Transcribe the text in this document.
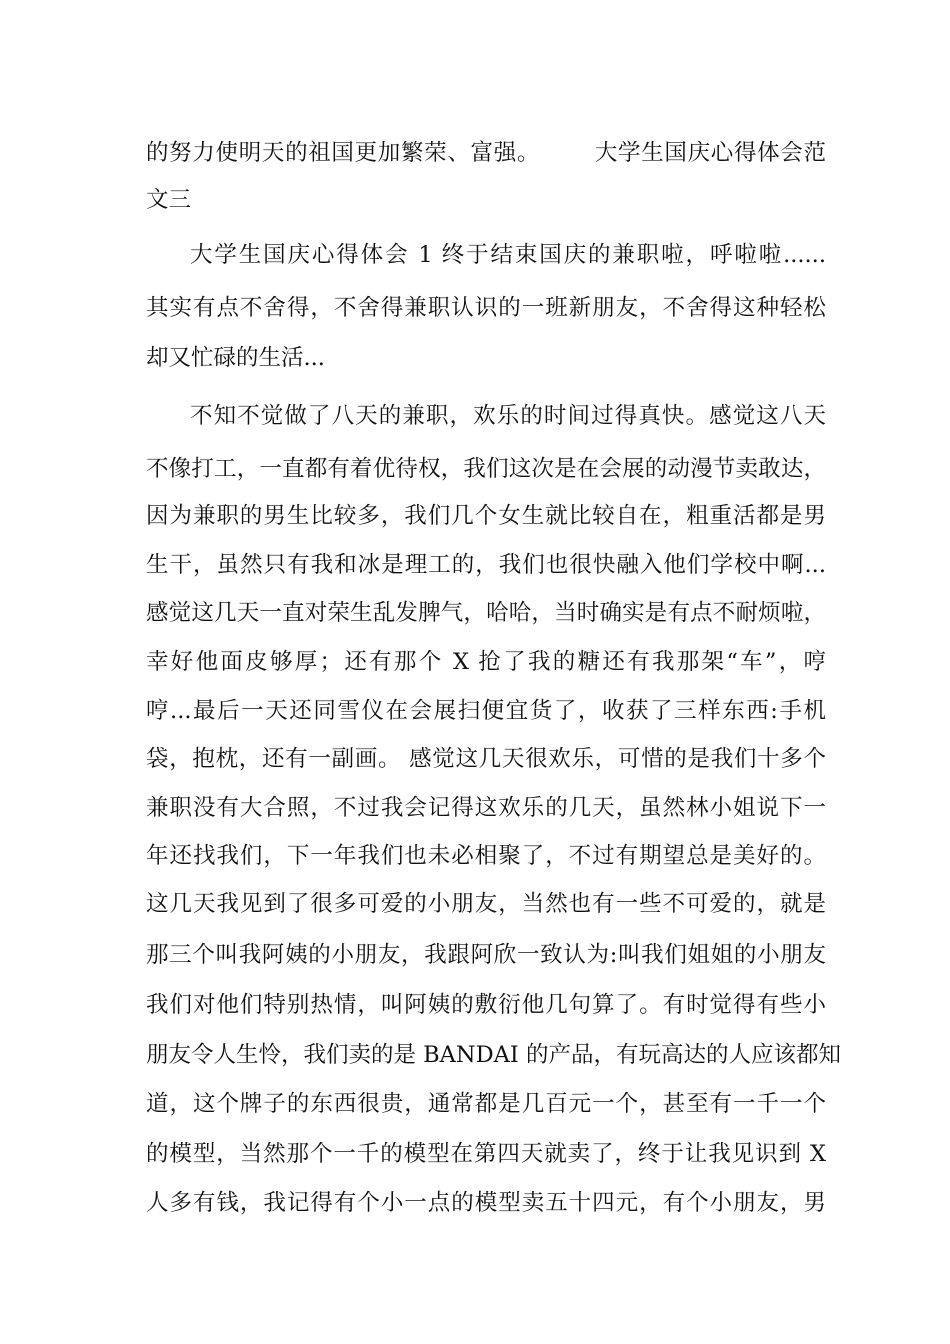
的努力使明天的祖国更加繁荣、富强。       大学生国庆心得体会范
文三
大学生国庆心得体会 1 终于结束国庆的兼职啦，呼啦啦......
其实有点不舍得，不舍得兼职认识的一班新朋友，不舍得这种轻松
却又忙碌的生活...
不知不觉做了八天的兼职，欢乐的时间过得真快。感觉这八天
不像打工，一直都有着优待权，我们这次是在会展的动漫节卖敢达，
因为兼职的男生比较多，我们几个女生就比较自在，粗重活都是男
生干，虽然只有我和冰是理工的，我们也很快融入他们学校中啊...
感觉这几天一直对荣生乱发脾气，哈哈，当时确实是有点不耐烦啦，
幸好他面皮够厚；还有那个 X 抢了我的糖还有我那架“车”，哼
哼...最后一天还同雪仪在会展扫便宜货了，收获了三样东西:手机
袋，抱枕，还有一副画。 感觉这几天很欢乐，可惜的是我们十多个
兼职没有大合照，不过我会记得这欢乐的几天，虽然林小姐说下一
年还找我们，下一年我们也未必相聚了，不过有期望总是美好的。
这几天我见到了很多可爱的小朋友，当然也有一些不可爱的，就是
那三个叫我阿姨的小朋友，我跟阿欣一致认为:叫我们姐姐的小朋友
我们对他们特别热情，叫阿姨的敷衍他几句算了。有时觉得有些小
朋友令人生怜，我们卖的是 BANDAI 的产品，有玩高达的人应该都知
道，这个牌子的东西很贵，通常都是几百元一个，甚至有一千一个
的模型，当然那个一千的模型在第四天就卖了，终于让我见识到 X
人多有钱，我记得有个小一点的模型卖五十四元，有个小朋友，男
